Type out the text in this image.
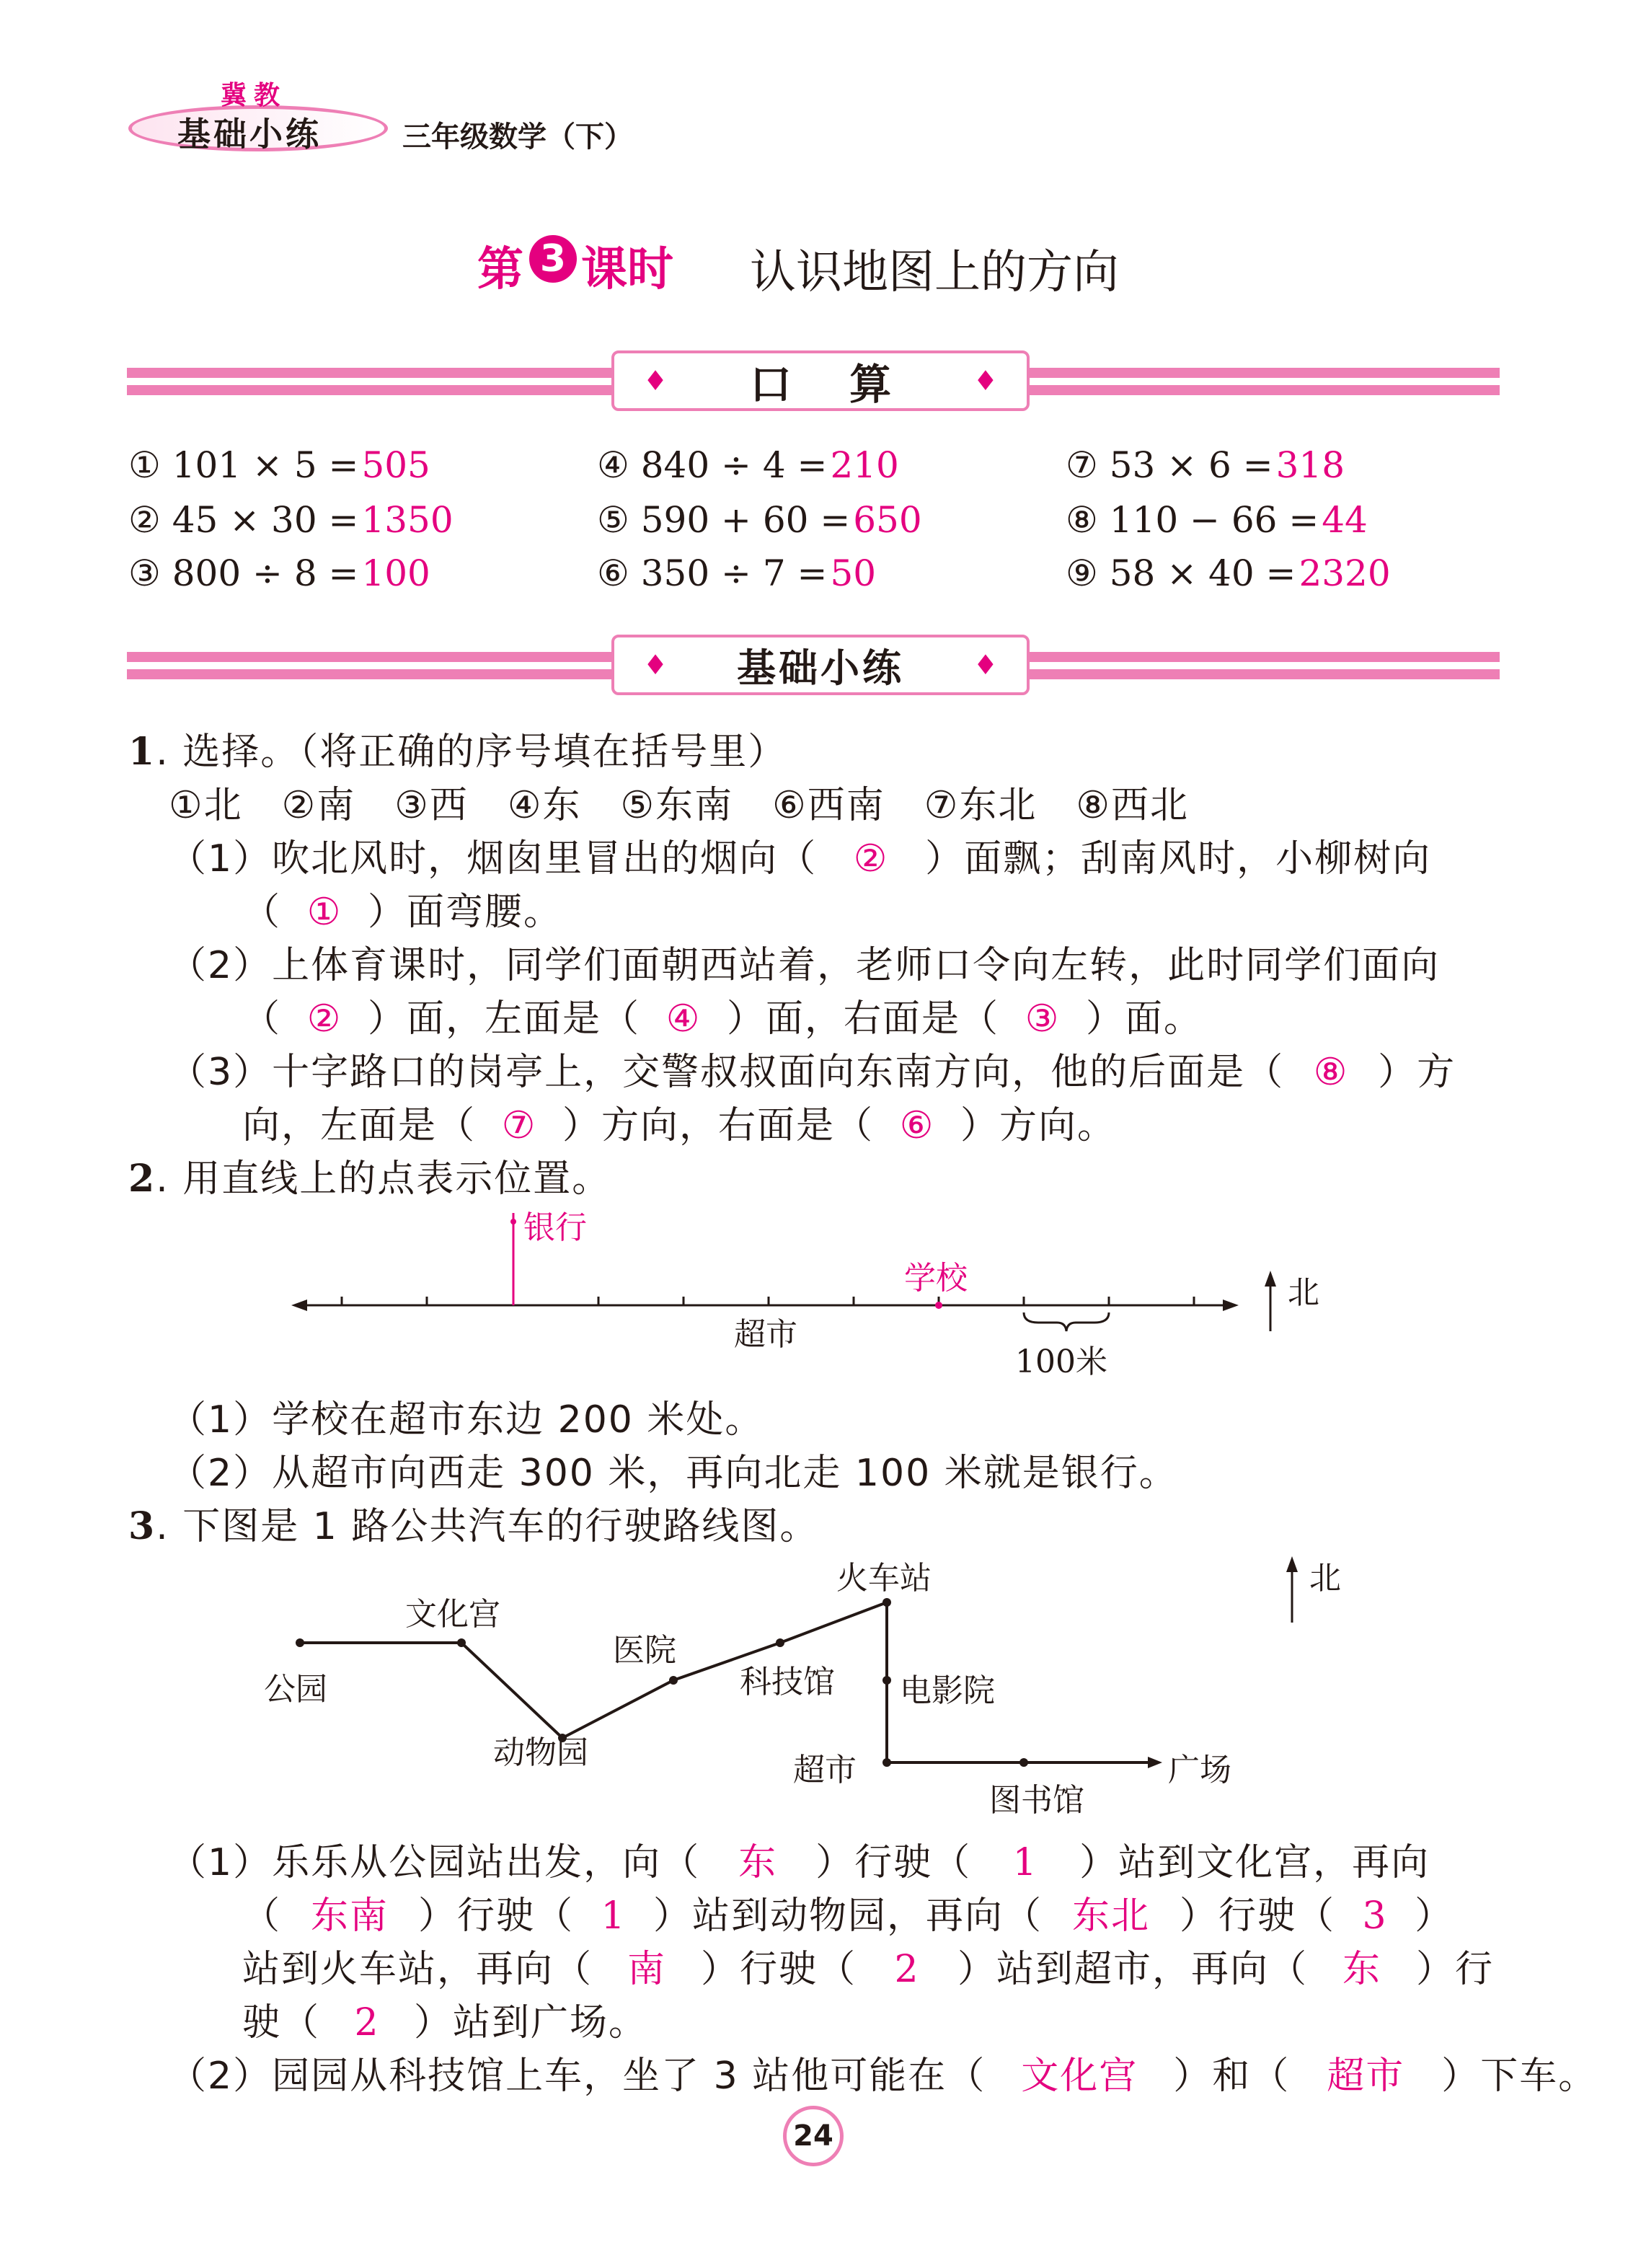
冀教
基础小练	三年级数学（下）
第 3 课时 认识地图上的方向
♦	口 算 ♦
① 101 × 5 =505
② 45 × 30 =1350
③ 800 ÷ 8 =100
④ 840 ÷ 4 =210
⑤ 590 + 60 =650
⑥ 350 ÷ 7 =50
⑦ 53 × 6 =318
⑧ 110 − 66 =44
⑨ 58 × 40 =2320
♦ 基础小练	♦
1. 选择。（将正确的序号填在括号里）
①北　②南　③西　④东　⑤东南　⑥西南　⑦东北　⑧西北
（1）吹北风时，烟囱里冒出的烟向（ ② ）面飘；刮南风时，小柳树向
（ ① ）面弯腰。
（2）上体育课时，同学们面朝西站着，老师口令向左转，此时同学们面向
（ ② ）面，左面是（ ④ ）面，右面是（ ③ ）面。
（3）十字路口的岗亭上，交警叔叔面向东南方向，他的后面是（ ⑧ ）方
向，左面是（ ⑦ ）方向，右面是（ ⑥ ）方向。
2. 用直线上的点表示位置。
银行
学校
超市
100米
北
（1）学校在超市东边 200 米处。
（2）从超市向西走 300 米，再向北走 100 米就是银行。
3. 下图是 1 路公共汽车的行驶路线图。
北
公园
文化宫
动物园
医院
科技馆
火车站
电影院
超市
图书馆
广场
（1）乐乐从公园站出发，向（ 东 ）行驶（ 1 ）站到文化宫，再向
（ 东南 ）行驶（ 1 ）站到动物园，再向（ 东北 ）行驶（ 3 ）
站到火车站，再向（ 南 ）行驶（ 2 ）站到超市，再向（ 东 ）行
驶（ 2 ）站到广场。
（2）园园从科技馆上车，坐了 3 站他可能在（ 文化宫 ）和（ 超市 ）下车。
24
